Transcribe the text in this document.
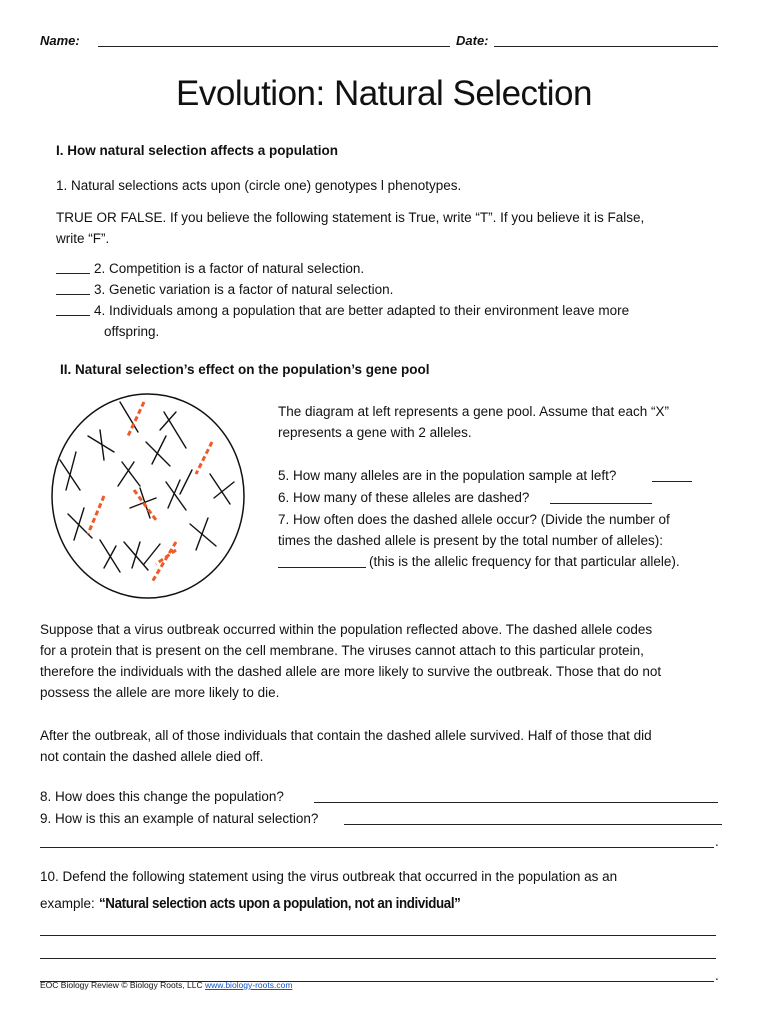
Name:	Date:
Evolution: Natural Selection
I. How natural selection affects a population
1. Natural selections acts upon (circle one) genotypes l phenotypes.
TRUE OR FALSE. If you believe the following statement is True, write “T”. If you believe it is False,
write “F”.
2. Competition is a factor of natural selection.
3. Genetic variation is a factor of natural selection.
4. Individuals among a population that are better adapted to their environment leave more
offspring.
II. Natural selection’s effect on the population’s gene pool
The diagram at left represents a gene pool. Assume that each “X”
represents a gene with 2 alleles.
5. How many alleles are in the population sample at left?
6. How many of these alleles are dashed?
7. How often does the dashed allele occur? (Divide the number of
times the dashed allele is present by the total number of alleles):
(this is the allelic frequency for that particular allele).
Suppose that a virus outbreak occurred within the population reflected above. The dashed allele codes
for a protein that is present on the cell membrane. The viruses cannot attach to this particular protein,
therefore the individuals with the dashed allele are more likely to survive the outbreak. Those that do not
possess the allele are more likely to die.
After the outbreak, all of those individuals that contain the dashed allele survived. Half of those that did
not contain the dashed allele died off.
8. How does this change the population?
9. How is this an example of natural selection?
.
10. Defend the following statement using the virus outbreak that occurred in the population as an
example: “Natural selection acts upon a population, not an individual”
.
EOC Biology Review © Biology Roots, LLC www.biology-roots.com
